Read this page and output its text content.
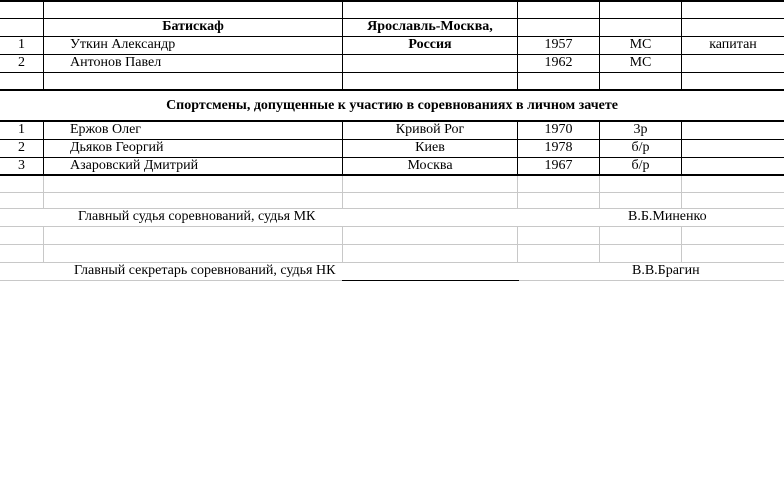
Батискаф	Ярославль-Москва,
Россия
1	Уткин Александр	1957	МС	капитан
2	Антонов Павел	1962	МС
Спортсмены, допущенные к участию в соревнованиях в личном зачете
1	Ержов Олег	Кривой Рог	1970	3р
2	Дьяков Георгий	Киев	1978	б/р
3	Азаровский Дмитрий	Москва	1967	б/р
Главный судья соревнований, судья МК	В.Б.Миненко
Главный секретарь соревнований, судья НК	В.В.Брагин
